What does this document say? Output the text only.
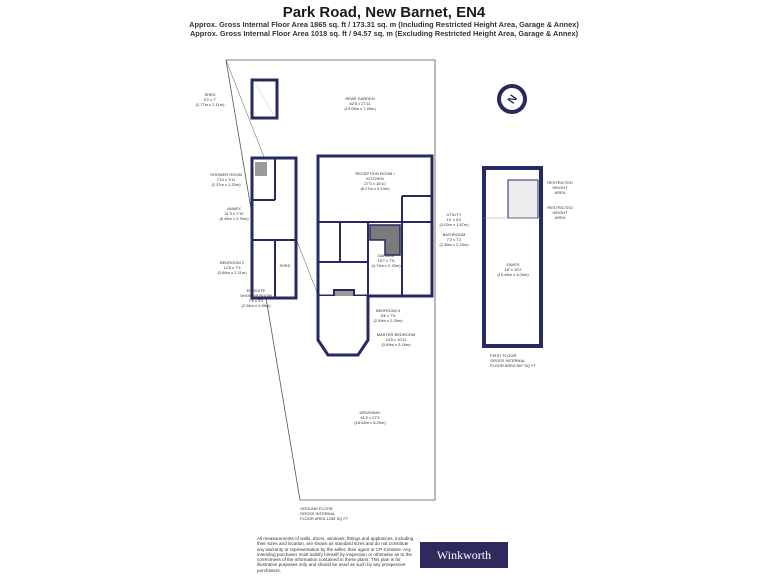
Park Road, New Barnet, EN4
Approx. Gross Internal Floor Area 1865 sq. ft / 173.31 sq. m (Including Restricted Height Area, Garage & Annex)
Approx. Gross Internal Floor Area 1018 sq. ft / 94.57 sq. m (Excluding Restricted Height Area, Garage & Annex)
N
SHED
9'2 x 7'
(2.77m x 2.11m)
REAR GARDEN
62'8 x 27'11
(19.09m x 7.49m)
SHOWER ROOM
7'10 x 3'11
(2.37m x 1.20m)
ANNEX
21'3 x 7'10
(6.45m x 2.39m)
RECEPTION ROOM /
KITCHEN
27'3 x 16'10
(8.27m x 5.13m)
UTILITY
10' x 6'2
(3.02m x 1.87m)
BATHROOM
7'2 x 7'2
(2.38m x 2.16m)
GARAGE
15'7 x 7'8
(4.74m x 2.33m)
BEDROOM 2
12'8 x 7'3
(3.86m x 2.21m)
EN SUITE
SHOWER ROOM
7'5 x 3'2
(2.26m x 0.96m)
SHED
BEDROOM 3
8'6 x 7'6
(2.59m x 2.29m)
MASTER BEDROOM
13'5 x 10'11
(3.89m x 3.18m)
DRIVEWAY
61'2 x 27'3
(18.63m x 8.29m)
EAVES
18' x 10'2
(19.48m x 4.00m)
RESTRICTED
HEIGHT
AREA
RESTRICTED
HEIGHT
AREA
GROUND FLOOR
GROSS INTERNAL
FLOOR AREA 1258 SQ FT
FIRST FLOOR
GROSS INTERNAL
FLOOR AREA 597 SQ FT
All measurements of walls, doors, windows, fittings and appliances, including their sizes and location, are shown as standard sizes and do not constitute any warranty or representation by the seller, their agent or CP Creative. Any intending purchaser must satisfy himself by inspection or otherwise as to the correctness of the information contained in these plans. This plan is for illustrative purposes only and should be used as such by any prospective purchasers.
Winkworth
